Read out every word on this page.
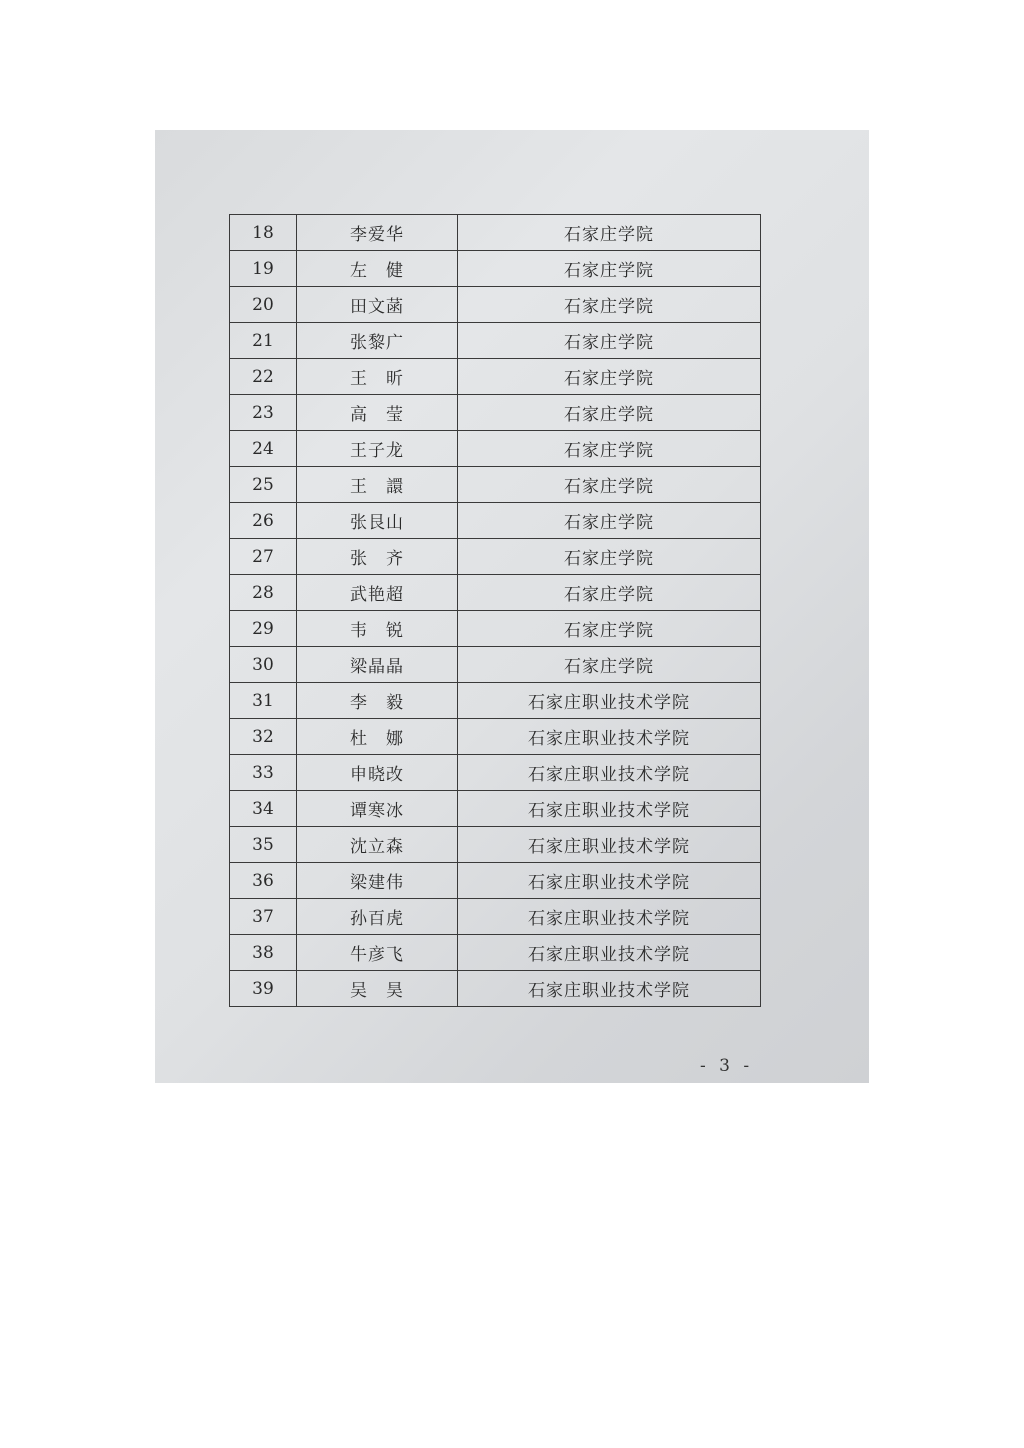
18	李爱华	石家庄学院
19	左　健	石家庄学院
20	田文菡	石家庄学院
21	张黎广	石家庄学院
22	王　昕	石家庄学院
23	高　莹	石家庄学院
24	王子龙	石家庄学院
25	王　譞	石家庄学院
26	张艮山	石家庄学院
27	张　齐	石家庄学院
28	武艳超	石家庄学院
29	韦　锐	石家庄学院
30	梁晶晶	石家庄学院
31	李　毅	石家庄职业技术学院
32	杜　娜	石家庄职业技术学院
33	申晓改	石家庄职业技术学院
34	谭寒冰	石家庄职业技术学院
35	沈立森	石家庄职业技术学院
36	梁建伟	石家庄职业技术学院
37	孙百虎	石家庄职业技术学院
38	牛彦飞	石家庄职业技术学院
39	吴　昊	石家庄职业技术学院
- 3 -
